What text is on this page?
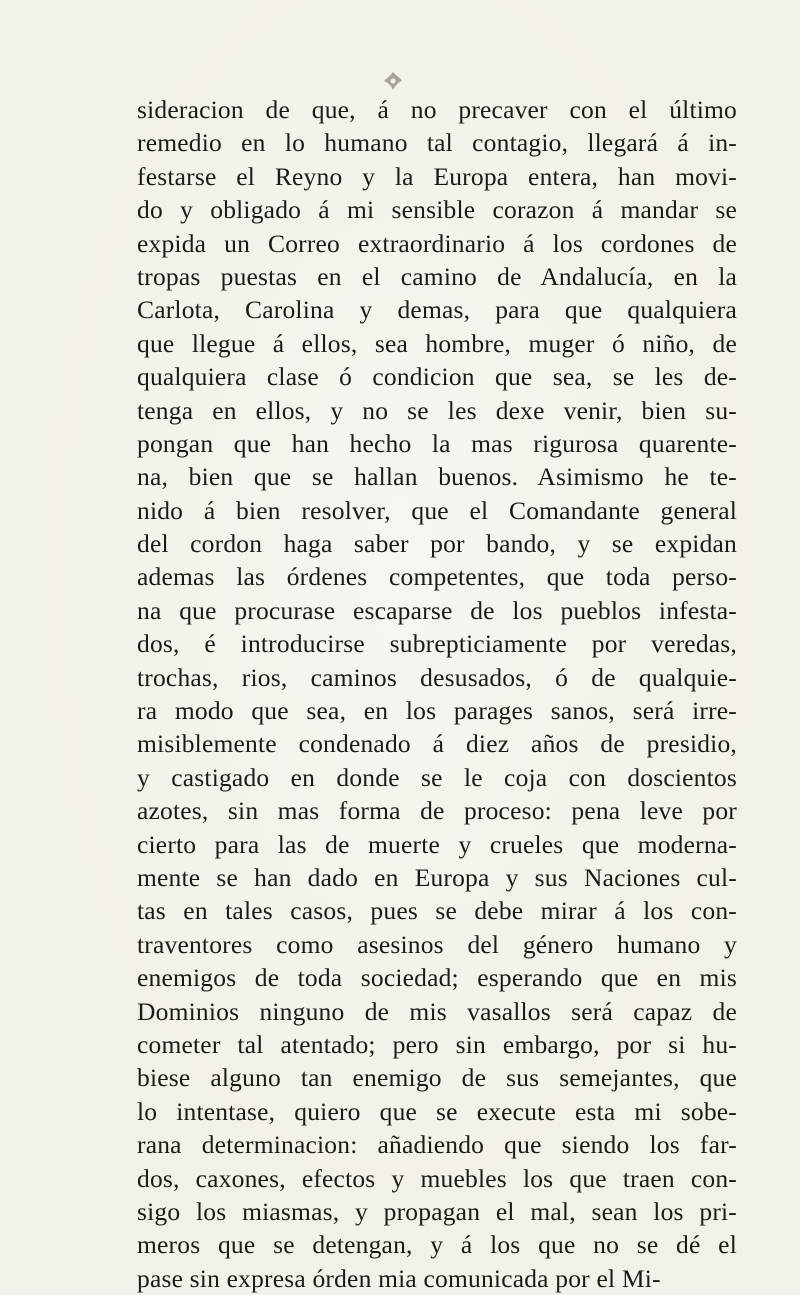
sideracion de que, á no precaver con el último
remedio en lo humano tal contagio, llegará á in-
festarse el Reyno y la Europa entera, han movi-
do y obligado á mi sensible corazon á mandar se
expida un Correo extraordinario á los cordones de
tropas puestas en el camino de Andalucía, en la
Carlota, Carolina y demas, para que qualquiera
que llegue á ellos, sea hombre, muger ó niño, de
qualquiera clase ó condicion que sea, se les de-
tenga en ellos, y no se les dexe venir, bien su-
pongan que han hecho la mas rigurosa quarente-
na, bien que se hallan buenos. Asimismo he te-
nido á bien resolver, que el Comandante general
del cordon haga saber por bando, y se expidan
ademas las órdenes competentes, que toda perso-
na que procurase escaparse de los pueblos infesta-
dos, é introducirse subrepticiamente por veredas,
trochas, rios, caminos desusados, ó de qualquie-
ra modo que sea, en los parages sanos, será irre-
misiblemente condenado á diez años de presidio,
y castigado en donde se le coja con doscientos
azotes, sin mas forma de proceso: pena leve por
cierto para las de muerte y crueles que moderna-
mente se han dado en Europa y sus Naciones cul-
tas en tales casos, pues se debe mirar á los con-
traventores como asesinos del género humano y
enemigos de toda sociedad; esperando que en mis
Dominios ninguno de mis vasallos será capaz de
cometer tal atentado; pero sin embargo, por si hu-
biese alguno tan enemigo de sus semejantes, que
lo intentase, quiero que se execute esta mi sobe-
rana determinacion: añadiendo que siendo los far-
dos, caxones, efectos y muebles los que traen con-
sigo los miasmas, y propagan el mal, sean los pri-
meros que se detengan, y á los que no se dé el
pase sin expresa órden mia comunicada por el Mi-
